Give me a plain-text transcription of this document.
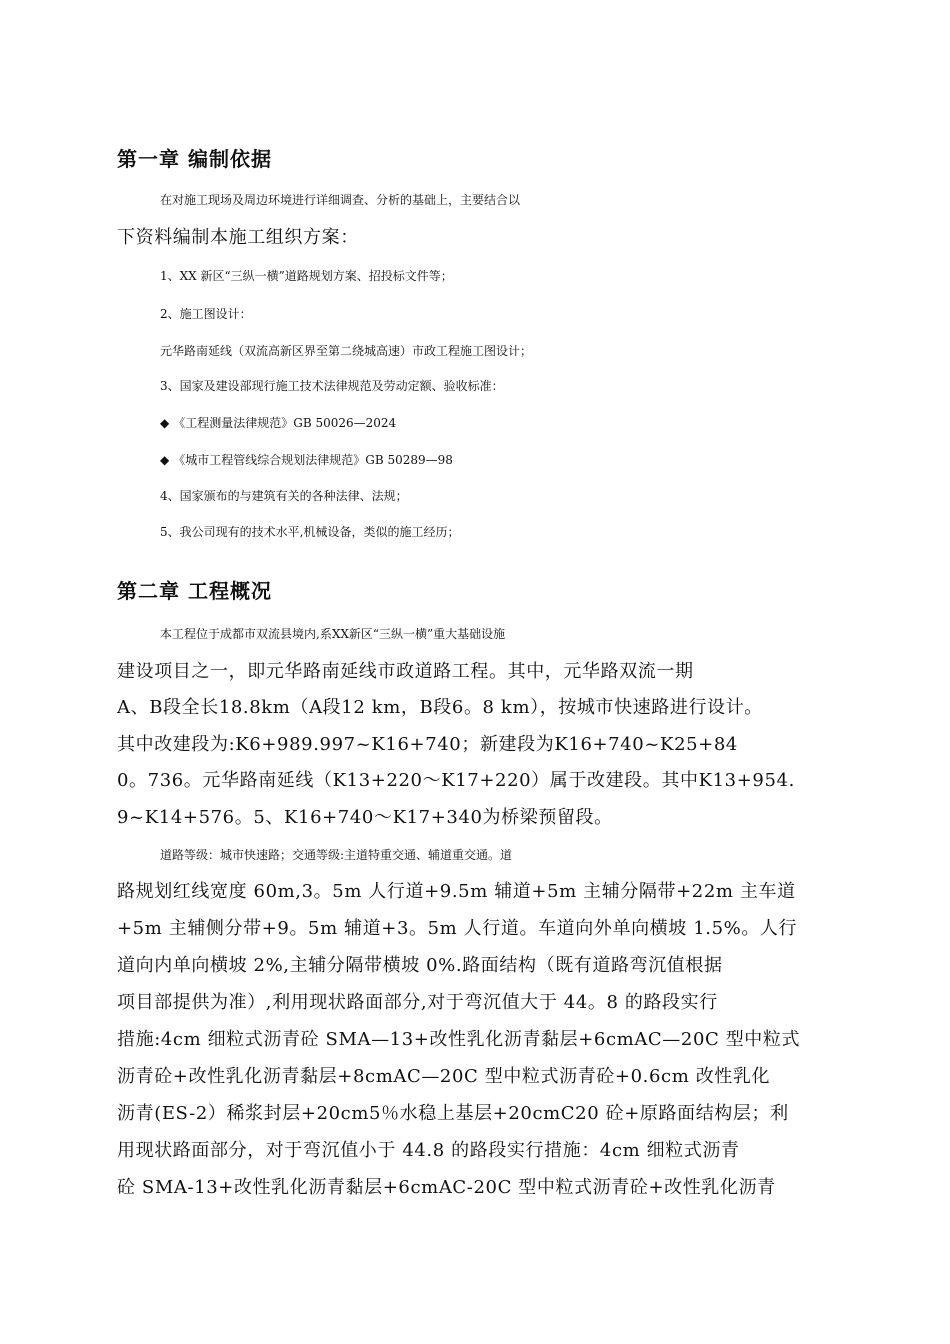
第一章 编制依据
在对施工现场及周边环境进行详细调查、分析的基础上，主要结合以
下资料编制本施工组织方案：
1、XX 新区“三纵一横”道路规划方案、招投标文件等；
2、施工图设计：
元华路南延线（双流高新区界至第二绕城高速）市政工程施工图设计；
3、国家及建设部现行施工技术法律规范及劳动定额、验收标准：
◆ 《工程测量法律规范》GB 50026—2024
◆ 《城市工程管线综合规划法律规范》GB 50289—98
4、国家颁布的与建筑有关的各种法律、法规；
5、我公司现有的技术水平,机械设备，类似的施工经历；
第二章 工程概况
本工程位于成都市双流县境内,系XX新区“三纵一横”重大基础设施
建设项目之一，即元华路南延线市政道路工程。其中，元华路双流一期
A、B段全长18.8km（A段12 km，B段6。8 km），按城市快速路进行设计。
其中改建段为:K6+989.997~K16+740；新建段为K16+740~K25+84
0。736。元华路南延线（K13+220～K17+220）属于改建段。其中K13+954.
9~K14+576。5、K16+740～K17+340为桥梁预留段。
道路等级：城市快速路；交通等级:主道特重交通、辅道重交通。道
路规划红线宽度 60m,3。5m 人行道+9.5m 辅道+5m 主辅分隔带+22m 主车道
+5m 主辅侧分带+9。5m 辅道+3。5m 人行道。车道向外单向横坡 1.5%。人行
道向内单向横坡 2%,主辅分隔带横坡 0%.路面结构（既有道路弯沉值根据
项目部提供为准）,利用现状路面部分,对于弯沉值大于 44。8 的路段实行
措施:4cm 细粒式沥青砼 SMA—13+改性乳化沥青黏层+6cmAC—20C 型中粒式
沥青砼+改性乳化沥青黏层+8cmAC—20C 型中粒式沥青砼+0.6cm 改性乳化
沥青(ES-2）稀浆封层+20cm5％水稳上基层+20cmC20 砼+原路面结构层；利
用现状路面部分，对于弯沉值小于 44.8 的路段实行措施：4cm 细粒式沥青
砼 SMA-13+改性乳化沥青黏层+6cmAC-20C 型中粒式沥青砼+改性乳化沥青
